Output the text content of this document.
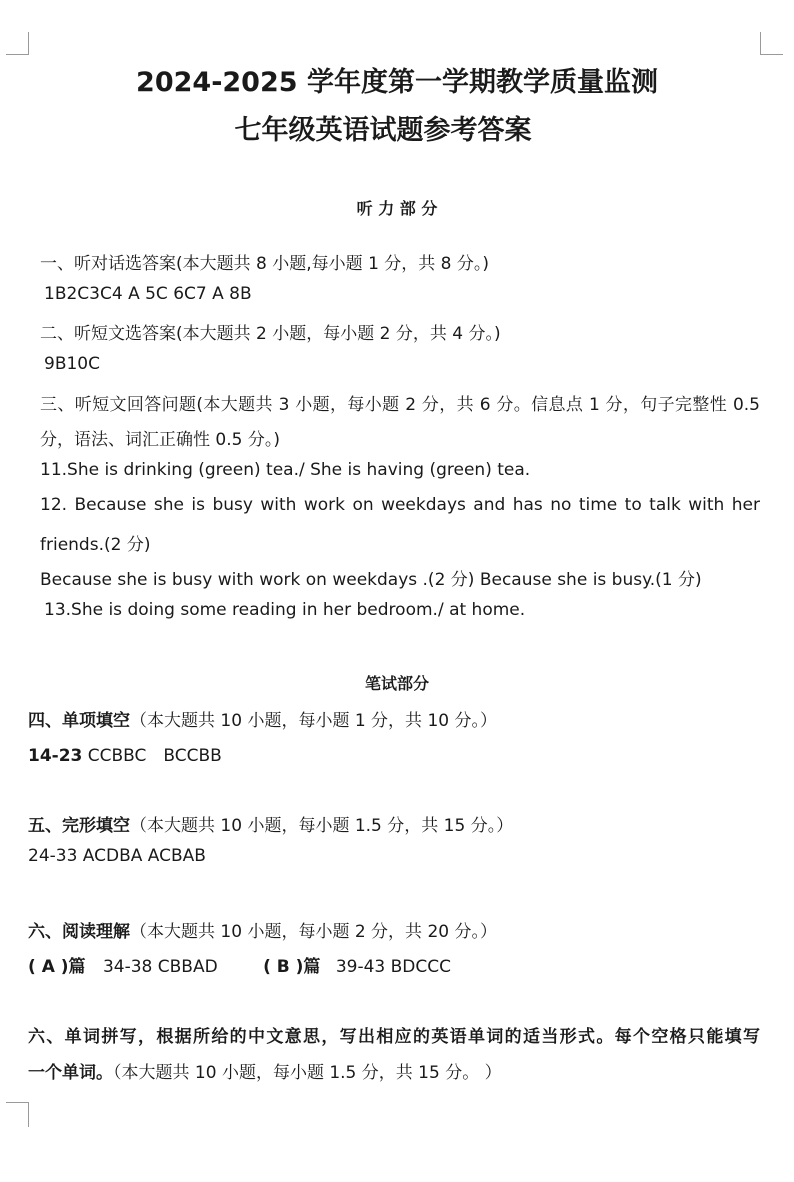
2024-2025 学年度第一学期教学质量监测
七年级英语试题参考答案
听 力 部 分
一、听对话选答案(本大题共 8 小题,每小题 1 分，共 8 分。)
1B2C3C4 A 5C 6C7 A 8B
二、听短文选答案(本大题共 2 小题，每小题 2 分，共 4 分。)
9B10C
三、听短文回答问题(本大题共 3 小题，每小题 2 分，共 6 分。信息点 1 分，句子完整性 0.5
分，语法、词汇正确性 0.5 分。)
11.She is drinking (green) tea./ She is having (green) tea.
12. Because she is busy with work on weekdays and has no time to talk with her
friends.(2 分)
Because she is busy with work on weekdays .(2 分) Because she is busy.(1 分)
13.She is doing some reading in her bedroom./ at home.
笔试部分
四、单项填空（本大题共 10 小题，每小题 1 分，共 10 分。）
14-23 CCBBC　BCCBB
五、完形填空（本大题共 10 小题，每小题 1.5 分，共 15 分。）
24-33 ACDBA ACBAB
六、阅读理解（本大题共 10 小题，每小题 2 分，共 20 分。）
( A )篇 34-38 CBBAD	( B )篇 39-43 BDCCC
六、单词拼写，根据所给的中文意思，写出相应的英语单词的适当形式。每个空格只能填写
一个单词。（本大题共 10 小题，每小题 1.5 分，共 15 分。 ）
